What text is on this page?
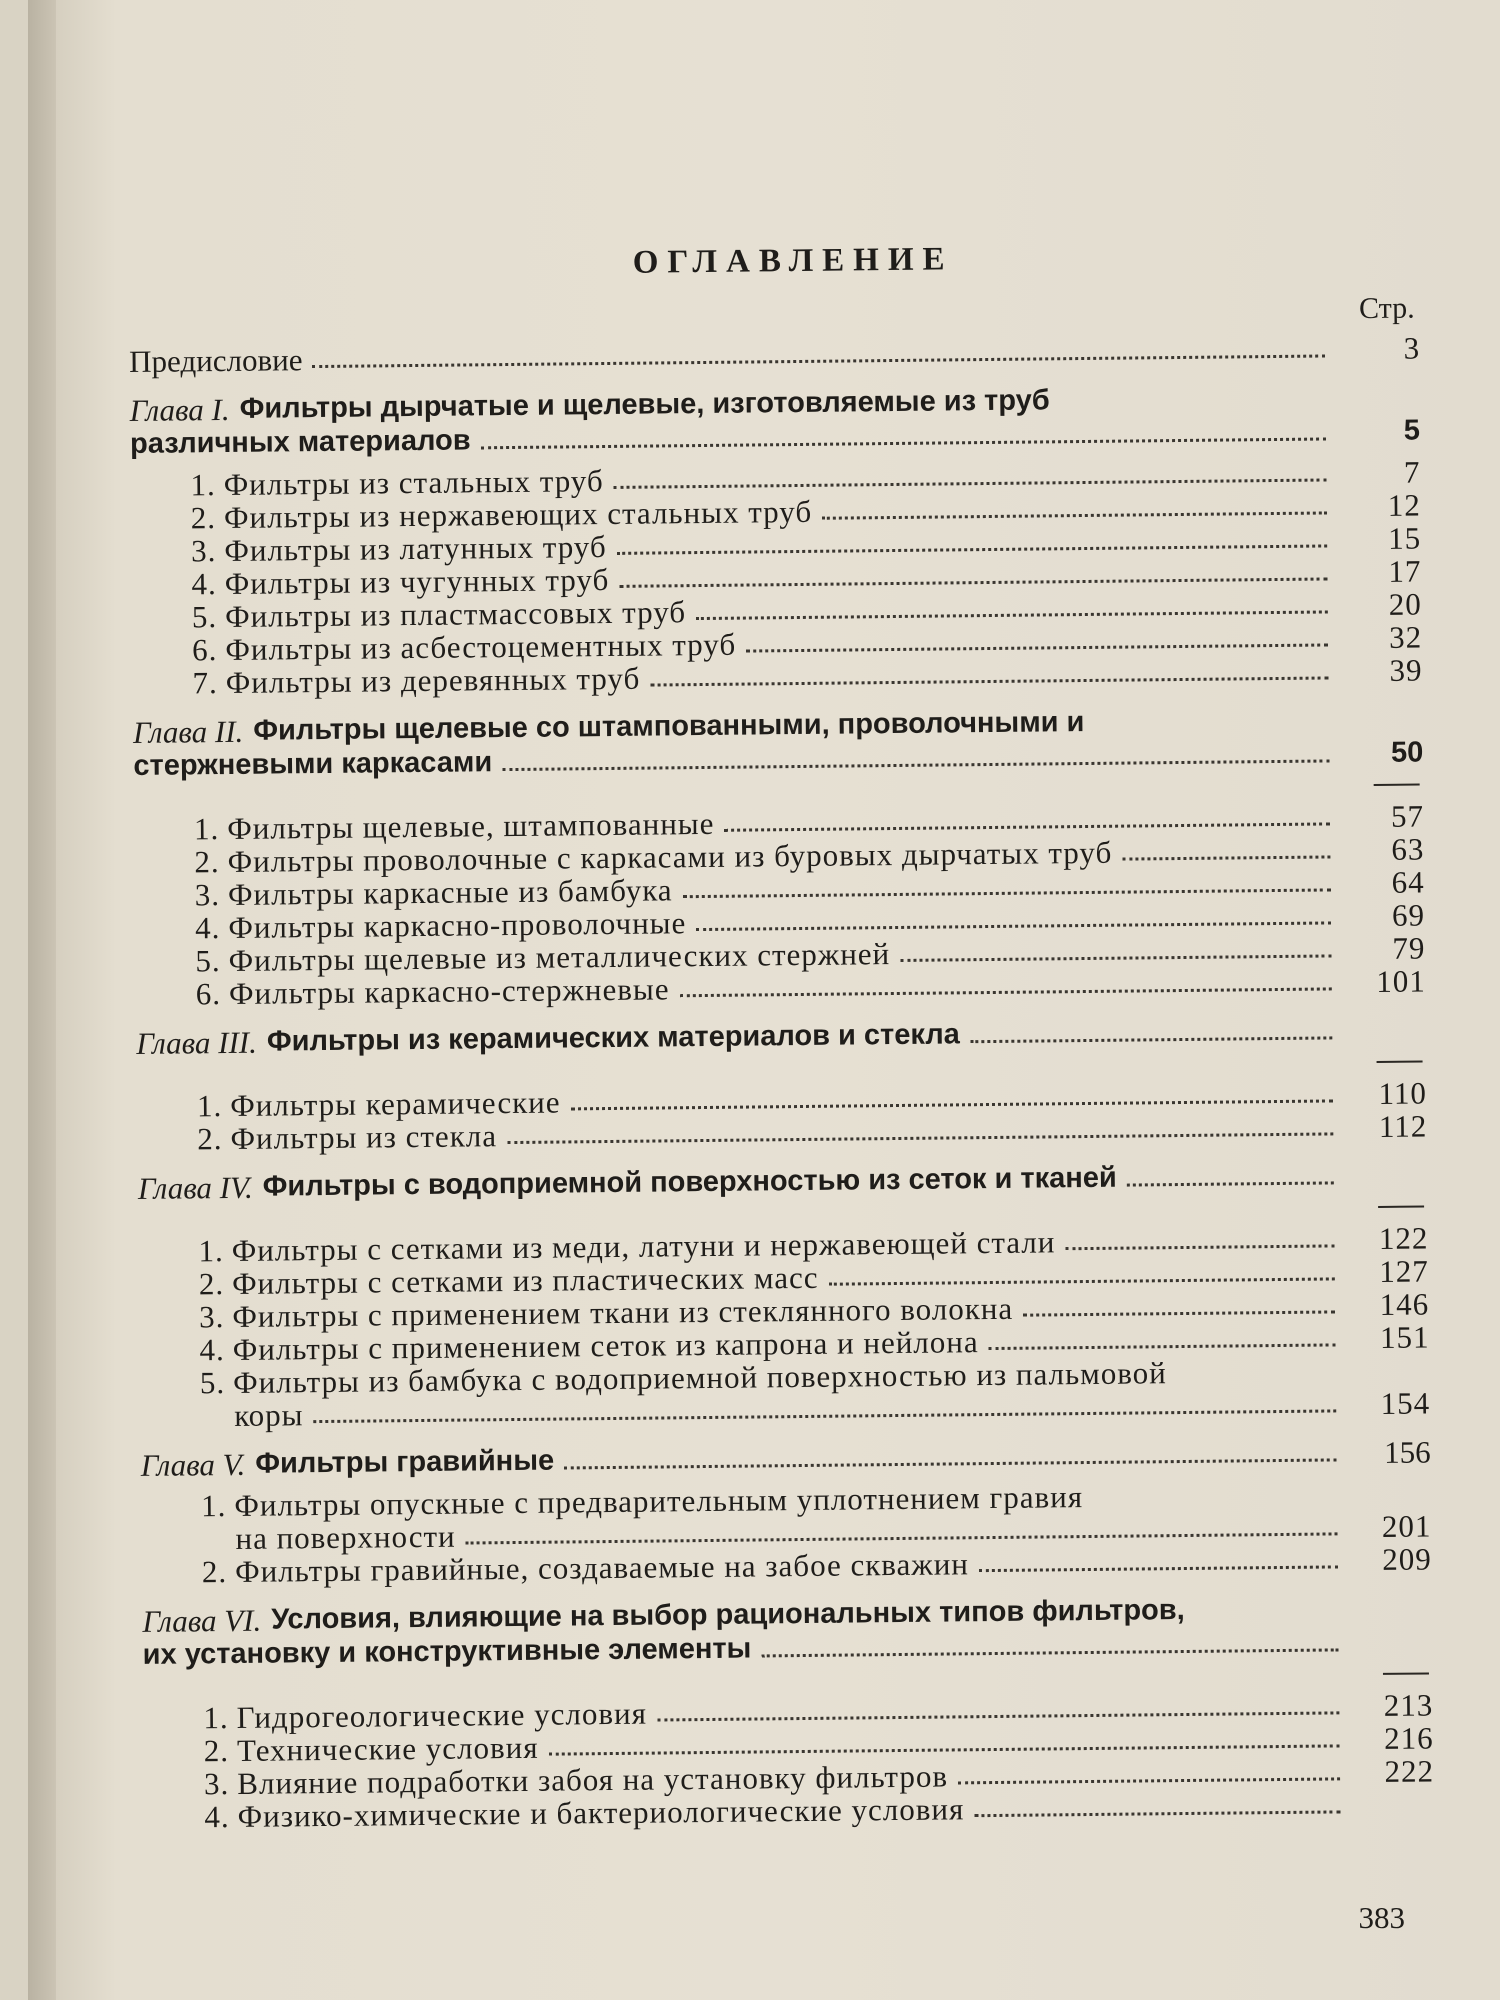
ОГЛАВЛЕНИЕ
Стр.
Предисловие	3
Глава I. Фильтры дырчатые и щелевые, изготовляемые из труб
различных материалов	5
1. Фильтры из стальных труб	7
2. Фильтры из нержавеющих стальных труб	12
3. Фильтры из латунных труб	15
4. Фильтры из чугунных труб	17
5. Фильтры из пластмассовых труб	20
6. Фильтры из асбестоцементных труб	32
7. Фильтры из деревянных труб	39
Глава II. Фильтры щелевые со штампованными, проволочными и
стержневыми каркасами	50
1. Фильтры щелевые, штампованные	57
2. Фильтры проволочные с каркасами из буровых дырчатых труб	63
3. Фильтры каркасные из бамбука	64
4. Фильтры каркасно-проволочные	69
5. Фильтры щелевые из металлических стержней	79
6. Фильтры каркасно-стержневые	101
Глава III. Фильтры из керамических материалов и стекла
1. Фильтры керамические	110
2. Фильтры из стекла	112
Глава IV. Фильтры с водоприемной поверхностью из сеток и тканей
1. Фильтры с сетками из меди, латуни и нержавеющей стали	122
2. Фильтры с сетками из пластических масс	127
3. Фильтры с применением ткани из стеклянного волокна	146
4. Фильтры с применением сеток из капрона и нейлона	151
5. Фильтры из бамбука с водоприемной поверхностью из пальмовой
коры	154
Глава V. Фильтры гравийные	156
1. Фильтры опускные с предварительным уплотнением гравия
на поверхности	201
2. Фильтры гравийные, создаваемые на забое скважин	209
Глава VI. Условия, влияющие на выбор рациональных типов фильтров,
их установку и конструктивные элементы
1. Гидрогеологические условия	213
2. Технические условия	216
3. Влияние подработки забоя на установку фильтров	222
4. Физико-химические и бактериологические условия
383
